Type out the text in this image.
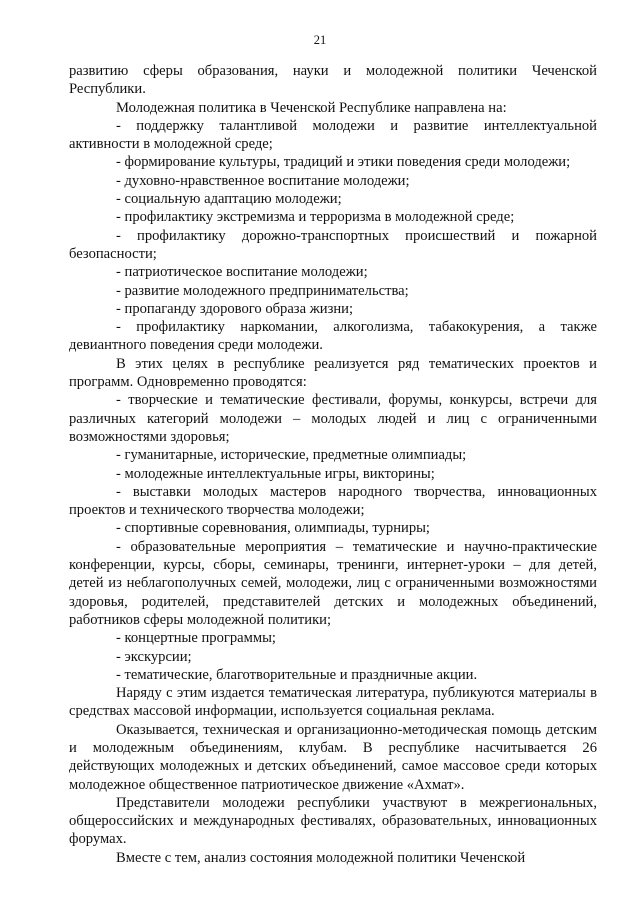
21

развитию сферы образования, науки и молодежной политики Чеченской Республики.

Молодежная политика в Чеченской Республике направлена на:

- поддержку талантливой молодежи и развитие интеллектуальной активности в молодежной среде;

- формирование культуры, традиций и этики поведения среди молодежи;

- духовно-нравственное воспитание молодежи;

- социальную адаптацию молодежи;

- профилактику экстремизма и терроризма в молодежной среде;

- профилактику дорожно-транспортных происшествий и пожарной безопасности;

- патриотическое воспитание молодежи;

- развитие молодежного предпринимательства;

- пропаганду здорового образа жизни;

- профилактику наркомании, алкоголизма, табакокурения, а также девиантного поведения среди молодежи.

В этих целях в республике реализуется ряд тематических проектов и программ. Одновременно проводятся:

- творческие и тематические фестивали, форумы, конкурсы, встречи для различных категорий молодежи – молодых людей и лиц с ограниченными возможностями здоровья;

- гуманитарные, исторические, предметные олимпиады;

- молодежные интеллектуальные игры, викторины;

- выставки молодых мастеров народного творчества, инновационных проектов и технического творчества молодежи;

- спортивные соревнования, олимпиады, турниры;

- образовательные мероприятия – тематические и научно-практические конференции, курсы, сборы, семинары, тренинги, интернет-уроки – для детей, детей из неблагополучных семей, молодежи, лиц с ограниченными возможностями здоровья, родителей, представителей детских и молодежных объединений, работников сферы молодежной политики;

- концертные программы;

- экскурсии;

- тематические, благотворительные и праздничные акции.

Наряду с этим издается тематическая литература, публикуются материалы в средствах массовой информации, используется социальная реклама.

Оказывается, техническая и организационно-методическая помощь детским и молодежным объединениям, клубам. В республике насчитывается 26 действующих молодежных и детских объединений, самое массовое среди которых молодежное общественное патриотическое движение «Ахмат».

Представители молодежи республики участвуют в межрегиональных, общероссийских и международных фестивалях, образовательных, инновационных форумах.

Вместе с тем, анализ состояния молодежной политики Чеченской
